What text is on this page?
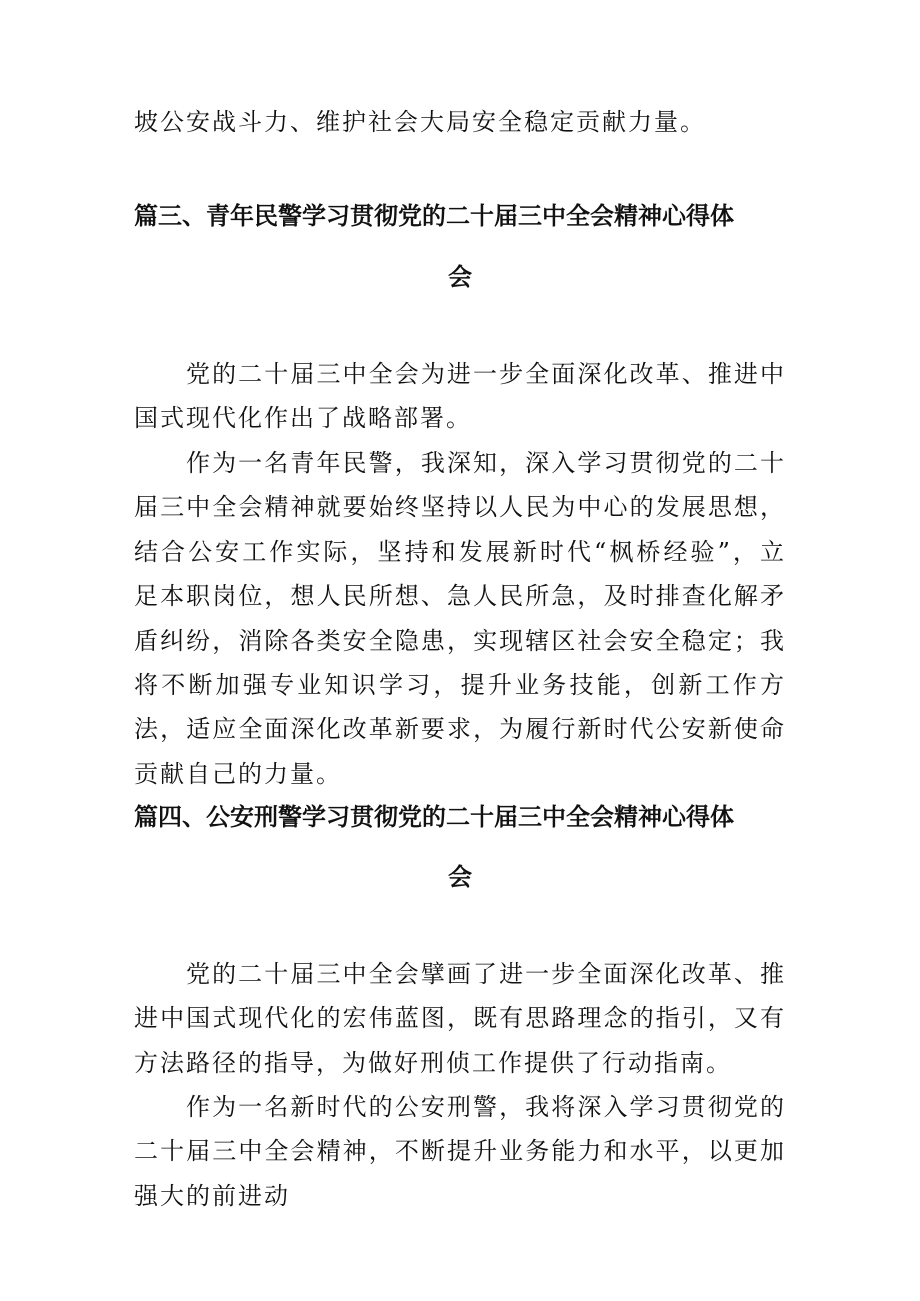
坡公安战斗力、维护社会大局安全稳定贡献力量。

篇三、青年民警学习贯彻党的二十届三中全会精神心得体
会

党的二十届三中全会为进一步全面深化改革、推进中国式现代化作出了战略部署。

作为一名青年民警，我深知，深入学习贯彻党的二十届三中全会精神就要始终坚持以人民为中心的发展思想，结合公安工作实际，坚持和发展新时代“枫桥经验”，立足本职岗位，想人民所想、急人民所急，及时排查化解矛盾纠纷，消除各类安全隐患，实现辖区社会安全稳定；我将不断加强专业知识学习，提升业务技能，创新工作方法，适应全面深化改革新要求，为履行新时代公安新使命贡献自己的力量。

篇四、公安刑警学习贯彻党的二十届三中全会精神心得体
会

党的二十届三中全会擘画了进一步全面深化改革、推进中国式现代化的宏伟蓝图，既有思路理念的指引，又有方法路径的指导，为做好刑侦工作提供了行动指南。

作为一名新时代的公安刑警，我将深入学习贯彻党的二十届三中全会精神，不断提升业务能力和水平，以更加强大的前进动
